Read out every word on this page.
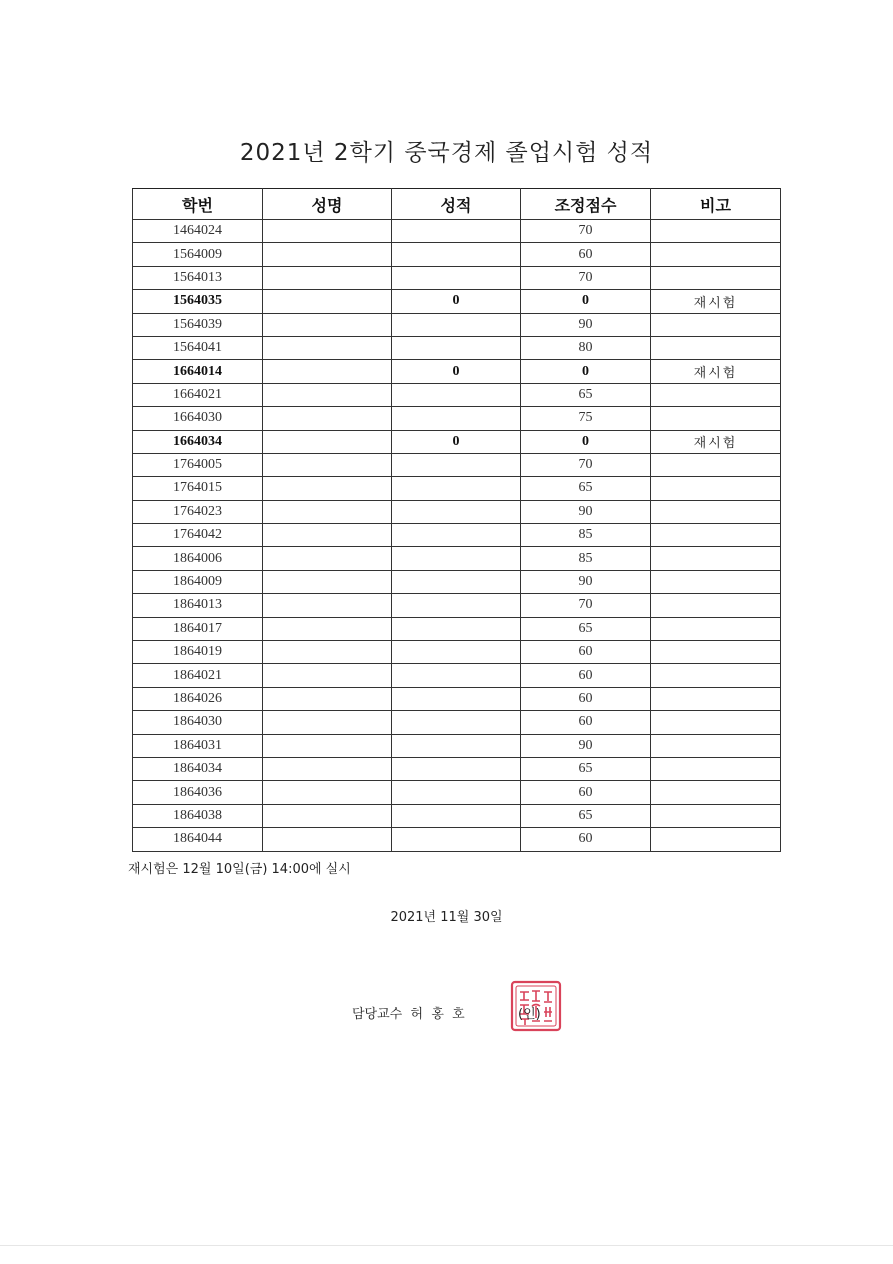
2021년 2학기 중국경제 졸업시험 성적
학번	성명	성적	조정점수	비고
1464024			70	
1564009			60	
1564013			70	
1564035		0	0	재시험
1564039			90	
1564041			80	
1664014		0	0	재시험
1664021			65	
1664030			75	
1664034		0	0	재시험
1764005			70	
1764015			65	
1764023			90	
1764042			85	
1864006			85	
1864009			90	
1864013			70	
1864017			65	
1864019			60	
1864021			60	
1864026			60	
1864030			60	
1864031			90	
1864034			65	
1864036			60	
1864038			65	
1864044			60	
재시험은 12월 10일(금) 14:00에 실시
2021년 11월 30일
담당교수  허  홍  호	(인)
